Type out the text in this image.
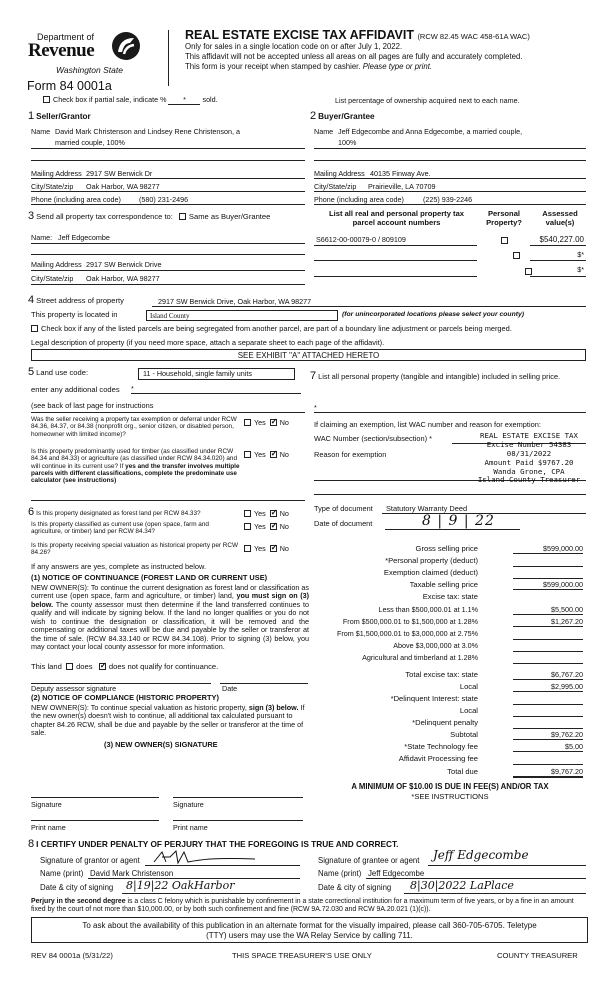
Department of
Revenue
Washington State
Form 84 0001a
REAL ESTATE EXCISE TAX AFFIDAVIT (RCW 82.45 WAC 458-61A WAC)
Only for sales in a single location code on or after July 1, 2022.
This affidavit will not be accepted unless all areas on all pages are fully and accurately completed.
This form is your receipt when stamped by cashier. Please type or print.
Check box if partial sale, indicate % * sold.	List percentage of ownership acquired next to each name.
1 Seller/Grantor
Name David Mark Christenson and Lindsey Rene Christenson, a
married couple, 100%
Mailing Address 2917 SW Berwick Dr
City/State/zip Oak Harbor, WA 98277
Phone (including area code)	(580) 231-2496
2 Buyer/Grantee
Name Jeff Edgecombe and Anna Edgecombe, a married couple,
100%
Mailing Address 40135 Finway Ave.
City/State/zip Prairieville, LA 70709
Phone (including area code)	(225) 939-2246
3 Send all property tax correspondence to: Same as Buyer/Grantee
Name: Jeff Edgecombe
Mailing Address 2917 SW Berwick Drive
City/State/zip Oak Harbor, WA 98277
List all real and personal property tax
parcel account numbers
Personal
Property?
Assessed
value(s)
S6612-00-00079-0 / 809109
	$540,227.00

$*
$*
4 Street address of property	2917 SW Berwick Drive, Oak Harbor, WA 98277
This property is located in	Island County	(for unincorporated locations please select your county)
Check box if any of the listed parcels are being segregated from another parcel, are part of a boundary line adjustment or parcels being merged.
Legal description of property (if you need more space, attach a separate sheet to each page of the affidavit).
SEE EXHIBIT "A" ATTACHED HERETO
5 Land use code:	11 - Household, single family units
enter any additional codes *
(see back of last page for instructions
Was the seller receiving a property tax exemption or deferral under RCW 84.36, 84.37, or 84.38 (nonprofit org., senior citizen, or disabled person, homeowner with limited income)?
Yes ✓ No
Is this property predominantly used for timber (as classified under RCW 84.34 and 84.33) or agriculture (as classified under RCW 84.34.020) and will continue in its current use? If yes and the transfer involves multiple parcels with different classifications, complete the predominate use calculator (see instructions)
Yes ✓ No
6 Is this property designated as forest land per RCW 84.33?	Yes ✓ No
Is this property classified as current use (open space, farm and agriculture, or timber) land per RCW 84.34?
Yes ✓ No
Is this property receiving special valuation as historical property per RCW 84.26?	Yes ✓ No
If any answers are yes, complete as instructed below.
(1) NOTICE OF CONTINUANCE (FOREST LAND OR CURRENT USE)
NEW OWNER(S): To continue the current designation as forest land or classification as current use (open space, farm and agriculture, or timber) land, you must sign on (3) below. The county assessor must then determine if the land transferred continues to qualify and will indicate by signing below. If the land no longer qualifies or you do not wish to continue the designation or classification, it will be removed and the compensating or additional taxes will be due and payable by the seller or transferor at the time of sale. (RCW 84.33.140 or RCW 84.34.108). Prior to signing (3) below, you may contact your local county assessor for more information.
This land does ✓ does not qualify for continuance.
Deputy assessor signature	Date
(2) NOTICE OF COMPLIANCE (HISTORIC PROPERTY)
NEW OWNER(S): To continue special valuation as historic property, sign (3) below. If the new owner(s) doesn't wish to continue, all additional tax calculated pursuant to chapter 84.26 RCW, shall be due and payable by the seller or transferor at the time of sale.
(3) NEW OWNER(S) SIGNATURE
Signature	Signature
Print name	Print name
7 List all personal property (tangible and intangible) included in selling price.
*
If claiming an exemption, list WAC number and reason for exemption:
WAC Number (section/subsection) *
Reason for exemption
REAL ESTATE EXCISE TAX
Excise Number 54383
08/31/2022
Amount Paid $9767.20
Wanda Grone, CPA
Island County Treasurer
Type of document Statutory Warranty Deed
Date of document	8 | 9 | 22
Gross selling price	$599,000.00
*Personal property (deduct)
Exemption claimed (deduct)
Taxable selling price	$599,000.00
Excise tax: state
Less than $500,000.01 at 1.1%	$5,500.00
From $500,000.01 to $1,500,000 at 1.28%	$1,267.20
From $1,500,000.01 to $3,000,000 at 2.75%
Above $3,000,000 at 3.0%
Agricultural and timberland at 1.28%
Total excise tax: state	$6,767.20
Local	$2,995.00
*Delinquent Interest: state
Local
*Delinquent penalty
Subtotal	$9,762.20
*State Technology fee	$5.00
Affidavit Processing fee
Total due	$9,767.20
A MINIMUM OF $10.00 IS DUE IN FEE(S) AND/OR TAX
*SEE INSTRUCTIONS
8 I CERTIFY UNDER PENALTY OF PERJURY THAT THE FOREGOING IS TRUE AND CORRECT.
Signature of grantor or agent
Name (print) David Mark Christenson
Date & city of signing 8|19|22 OakHarbor
Signature of grantee or agent Jeff Edgecombe
Name (print) Jeff Edgecombe
Date & city of signing 8|30|2022 LaPlace
Perjury in the second degree is a class C felony which is punishable by confinement in a state correctional institution for a maximum term of five years, or by a fine in an amount fixed by the court of not more than $10,000.00, or by both such confinement and fine (RCW 9A.72.030 and RCW 9A.20.021 (1)(c)).
To ask about the availability of this publication in an alternate format for the visually impaired, please call 360-705-6705. Teletype
(TTY) users may use the WA Relay Service by calling 711.
REV 84 0001a (5/31/22)	THIS SPACE TREASURER'S USE ONLY	COUNTY TREASURER
